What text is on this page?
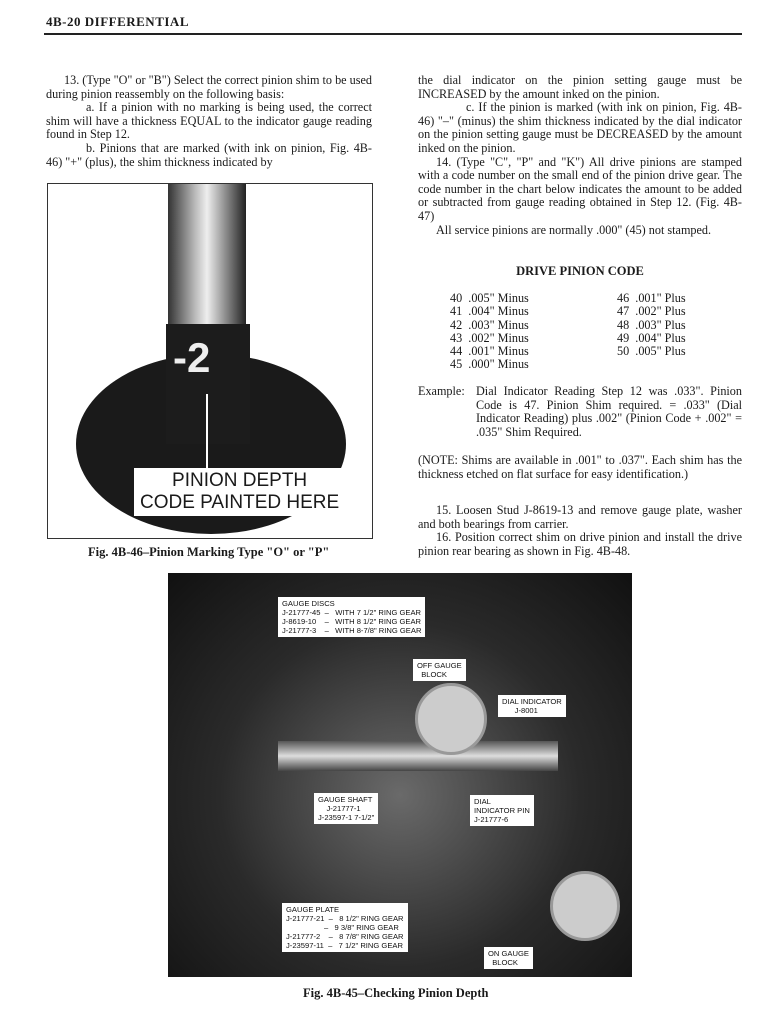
4B-20 DIFFERENTIAL

13. (Type "O" or "B") Select the correct pinion shim to be used during pinion reassembly on the following basis:

a. If a pinion with no marking is being used, the correct shim will have a thickness EQUAL to the indicator gauge reading found in Step 12.

b. Pinions that are marked (with ink on pinion, Fig. 4B-46) "+" (plus), the shim thickness indicated by

-2
PINION DEPTH
CODE PAINTED HERE
Fig. 4B-46–Pinion Marking Type "O" or "P"

the dial indicator on the pinion setting gauge must be INCREASED by the amount inked on the pinion.

c. If the pinion is marked (with ink on pinion, Fig. 4B-46) "–" (minus) the shim thickness indicated by the dial indicator on the pinion setting gauge must be DECREASED by the amount inked on the pinion.

14. (Type "C", "P" and "K") All drive pinions are stamped with a code number on the small end of the pinion drive gear. The code number in the chart below indicates the amount to be added or subtracted from gauge reading obtained in Step 12. (Fig. 4B-47)

All service pinions are normally .000" (45) not stamped.

DRIVE PINION CODE
40  .005" Minus
41  .004" Minus
42  .003" Minus
43  .002" Minus
44  .001" Minus
45  .000" Minus
46  .001" Plus
47  .002" Plus
48  .003" Plus
49  .004" Plus
50  .005" Plus
Example: Dial Indicator Reading Step 12 was .033". Pinion Code is 47. Pinion Shim required. = .033" (Dial Indicator Reading) plus .002" (Pinion Code + .002" = .035" Shim Required.
(NOTE: Shims are available in .001" to .037". Each shim has the thickness etched on flat surface for easy identification.)

15. Loosen Stud J-8619-13 and remove gauge plate, washer and both bearings from carrier.

16. Position correct shim on drive pinion and install the drive pinion rear bearing as shown in Fig. 4B-48.

GAUGE DISCS
J-21777-45  –   WITH 7 1/2" RING GEAR
J-8619-10    –   WITH 8 1/2" RING GEAR
J-21777-3    –   WITH 8-7/8" RING GEAR
OFF GAUGE
BLOCK
DIAL INDICATOR
J-8001
GAUGE SHAFT
J-21777-1
J-23597-1 7-1/2"
DIAL
INDICATOR PIN
J-21777-6
GAUGE PLATE
J-21777-21  –   8 1/2" RING GEAR
–   9 3/8" RING GEAR
J-21777-2    –   8 7/8" RING GEAR
J-23597-11  –   7 1/2" RING GEAR
ON GAUGE
BLOCK
Fig. 4B-45–Checking Pinion Depth
